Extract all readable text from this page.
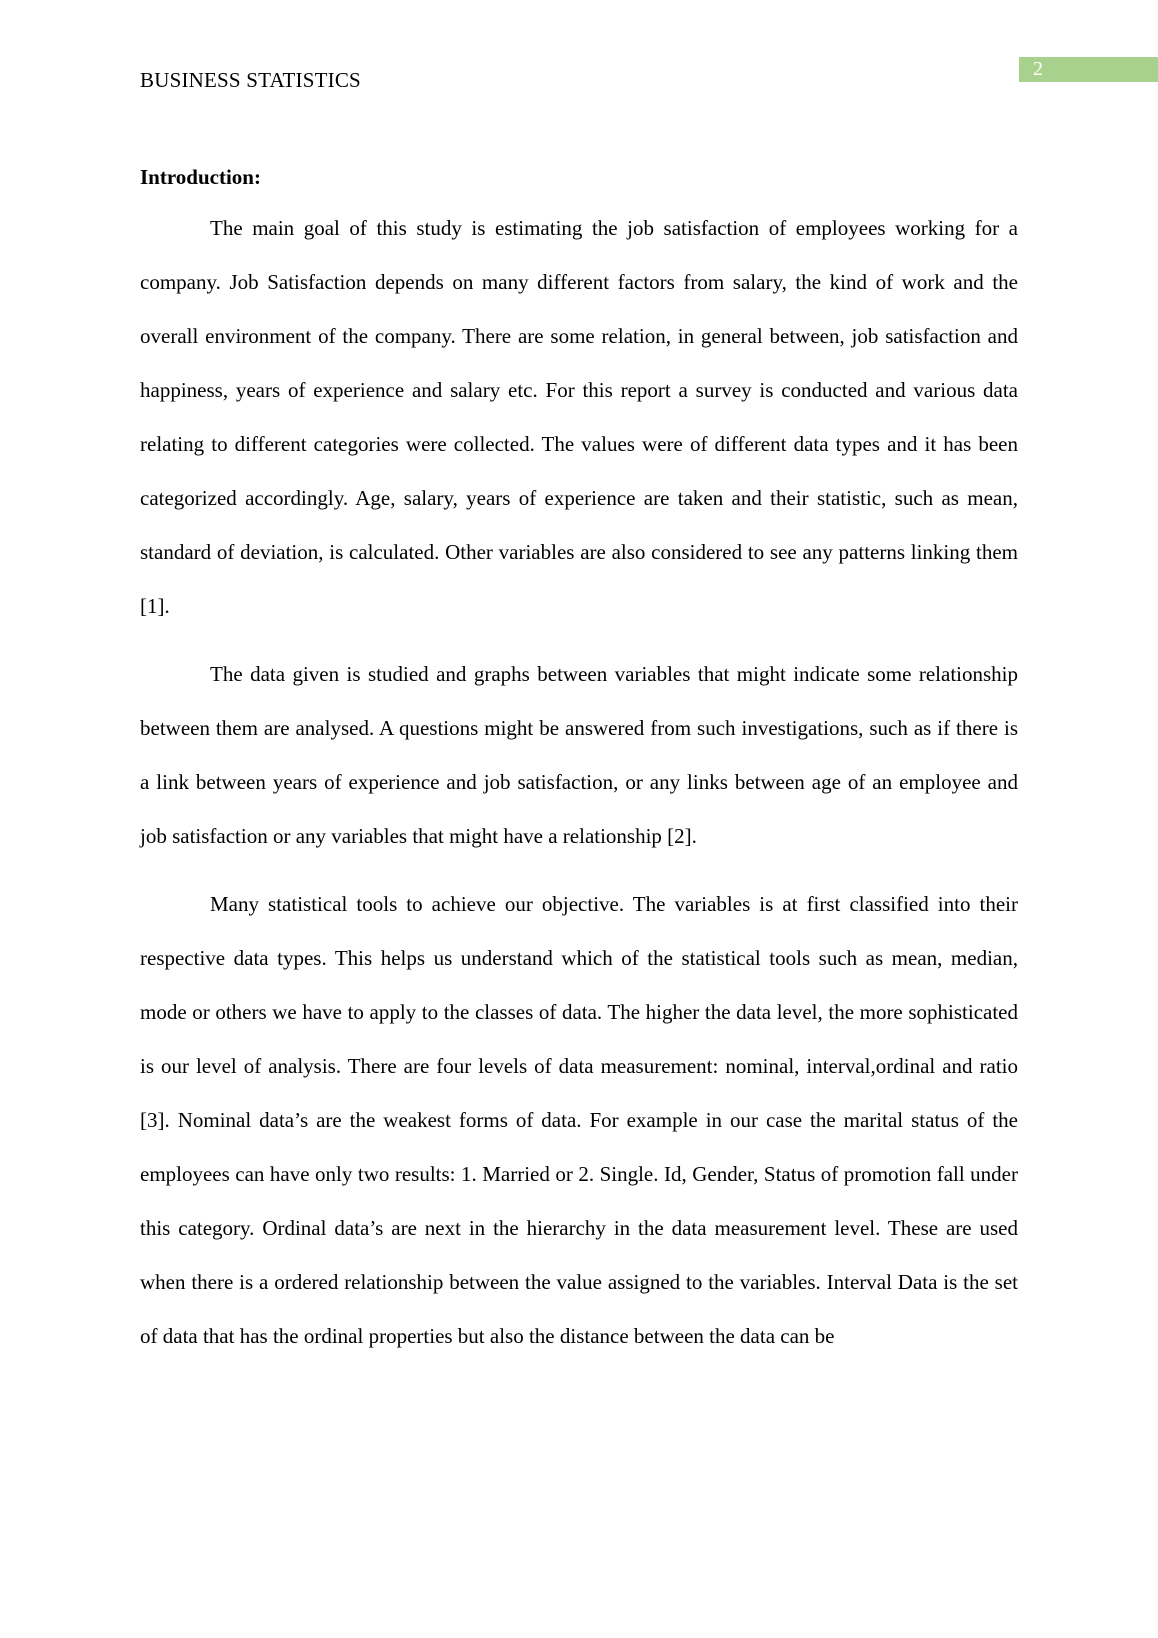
BUSINESS STATISTICS	2
Introduction:

The main goal of this study is estimating the job satisfaction of employees working for a company. Job Satisfaction depends on many different factors from salary, the kind of work and the overall environment of the company. There are some relation, in general between, job satisfaction and happiness, years of experience and salary etc. For this report a survey is conducted and various data relating to different categories were collected. The values were of different data types and it has been categorized accordingly. Age, salary, years of experience are taken and their statistic, such as mean, standard of deviation, is calculated. Other variables are also considered to see any patterns linking them [1].

The data given is studied and graphs between variables that might indicate some relationship between them are analysed. A questions might be answered from such investigations, such as if there is a link between years of experience and job satisfaction, or any links between age of an employee and job satisfaction or any variables that might have a relationship [2].

Many statistical tools to achieve our objective. The variables is at first classified into their respective data types. This helps us understand which of the statistical tools such as mean, median, mode or others we have to apply to the classes of data. The higher the data level, the more sophisticated is our level of analysis. There are four levels of data measurement: nominal, interval,ordinal and ratio [3]. Nominal data’s are the weakest forms of data. For example in our case the marital status of the employees can have only two results: 1. Married or 2. Single. Id, Gender, Status of promotion fall under this category. Ordinal data’s are next in the hierarchy in the data measurement level. These are used when there is a ordered relationship between the value assigned to the variables. Interval Data is the set of data that has the ordinal properties but also the distance between the data can be
